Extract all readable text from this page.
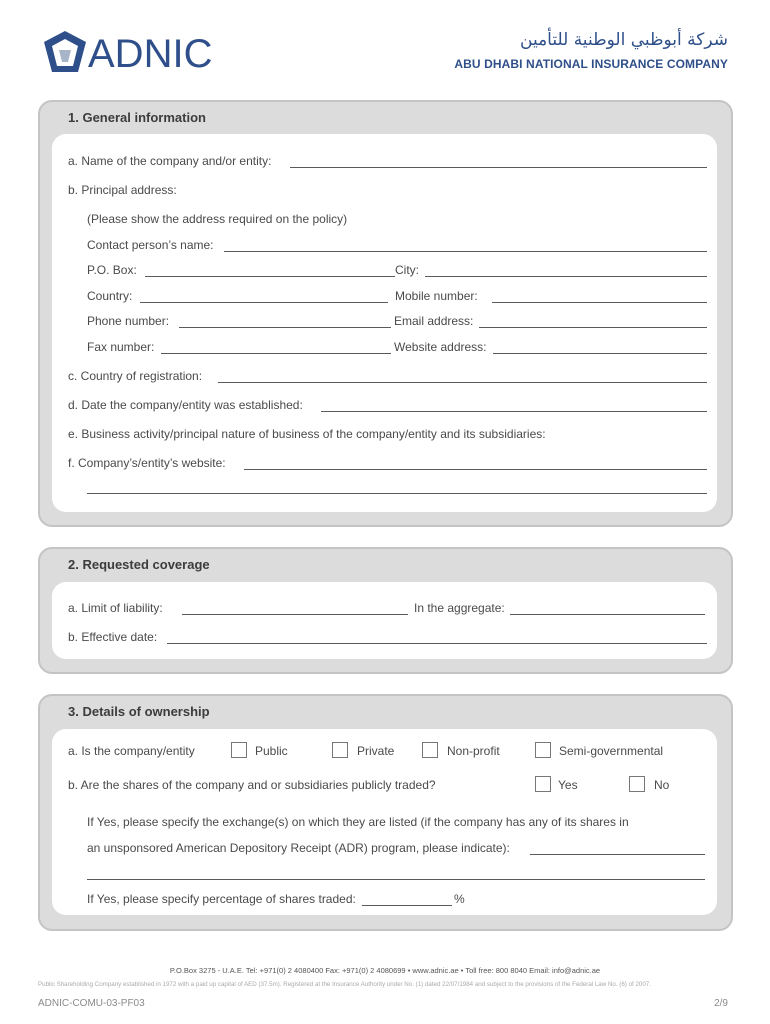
ADNIC	شركة أبوظبي الوطنية للتأمين
ABU DHABI NATIONAL INSURANCE COMPANY
1. General information
a. Name of the company and/or entity:
b. Principal address:
(Please show the address required on the policy)
Contact person’s name:
P.O. Box:	City:
Country:	Mobile number:
Phone number:	Email address:
Fax number:	Website address:
c. Country of registration:
d. Date the company/entity was established:
e. Business activity/principal nature of business of the company/entity and its subsidiaries:
f. Company’s/entity’s website:
2. Requested coverage
a. Limit of liability:	In the aggregate:
b. Effective date:
3. Details of ownership
a. Is the company/entity	Public	Private	Non-profit	Semi-governmental
b. Are the shares of the company and or subsidiaries publicly traded?	Yes	No
If Yes, please specify the exchange(s) on which they are listed (if the company has any of its shares in
an unsponsored American Depository Receipt (ADR) program, please indicate):
If Yes, please specify percentage of shares traded:	%
P.O.Box 3275 - U.A.E. Tel: +971(0) 2 4080400 Fax: +971(0) 2 4080699 • www.adnic.ae • Toll free: 800 8040 Email: info@adnic.ae
Public Shareholding Company established in 1972 with a paid up capital of AED (37.5m). Registered at the Insurance Authority under No. (1) dated 22/07/1984 and subject to the provisions of the Federal Law No. (6) of 2007.
ADNIC-COMU-03-PF03	2/9
